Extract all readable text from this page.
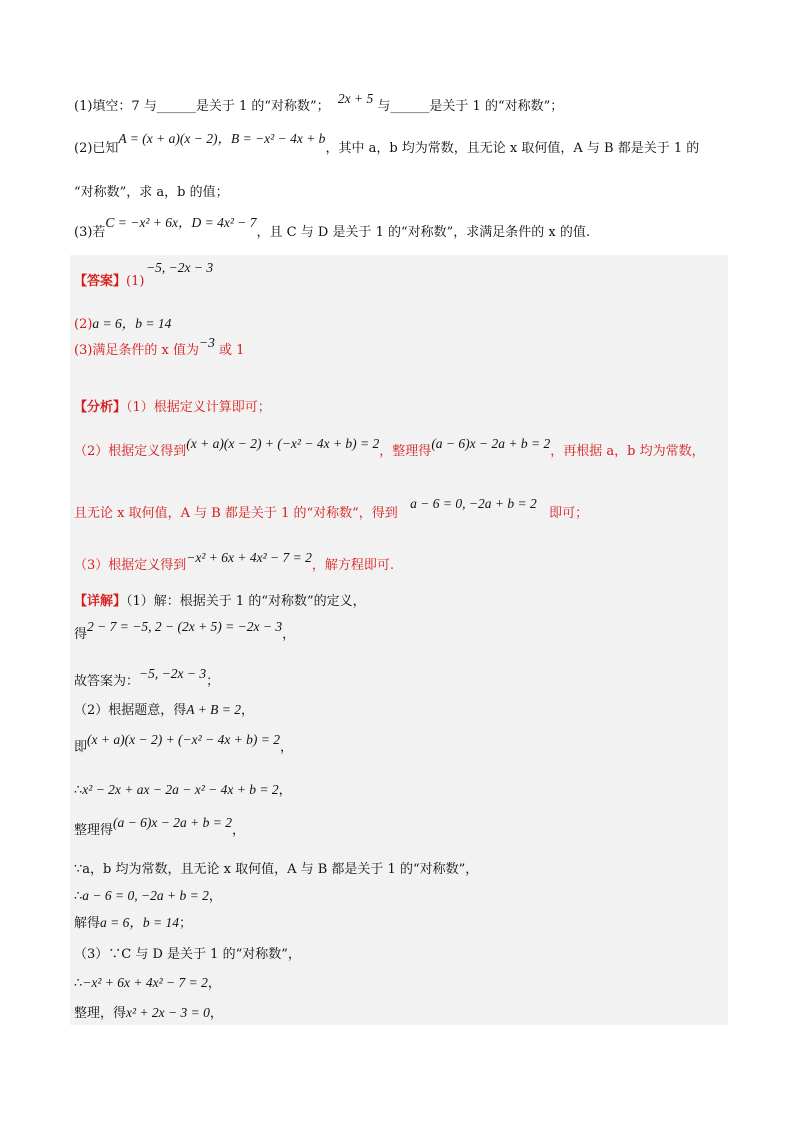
(1)填空：7 与______是关于 1 的“对称数”；  2x + 5 与______是关于 1 的“对称数”；
(2)已知A = (x + a)(x − 2)，B = −x² − 4x + b，其中 a，b 均为常数，且无论 x 取何值，A 与 B 都是关于 1 的
“对称数”，求 a，b 的值；
(3)若C = −x² + 6x，D = 4x² − 7，且 C 与 D 是关于 1 的“对称数”，求满足条件的 x 的值.
【答案】(1)
−5, −2x − 3
(2)a = 6，b = 14
(3)满足条件的 x 值为−3 或 1
【分析】（1）根据定义计算即可；
（2）根据定义得到(x + a)(x − 2) + (−x² − 4x + b) = 2，整理得(a − 6)x − 2a + b = 2，再根据 a，b 均为常数，
且无论 x 取何值，A 与 B 都是关于 1 的“对称数”，得到   a − 6 = 0, −2a + b = 2   即可；
（3）根据定义得到−x² + 6x + 4x² − 7 = 2，解方程即可.
【详解】（1）解：根据关于 1 的“对称数”的定义，
得2 − 7 = −5, 2 − (2x + 5) = −2x − 3，
故答案为：−5, −2x − 3；
（2）根据题意，得A + B = 2，
即(x + a)(x − 2) + (−x² − 4x + b) = 2，
∴x² − 2x + ax − 2a − x² − 4x + b = 2，
整理得(a − 6)x − 2a + b = 2，
∵a，b 均为常数，且无论 x 取何值，A 与 B 都是关于 1 的“对称数”，
∴a − 6 = 0, −2a + b = 2，
解得a = 6，b = 14；
（3）∵C 与 D 是关于 1 的“对称数”，
∴−x² + 6x + 4x² − 7 = 2，
整理，得x² + 2x − 3 = 0，
